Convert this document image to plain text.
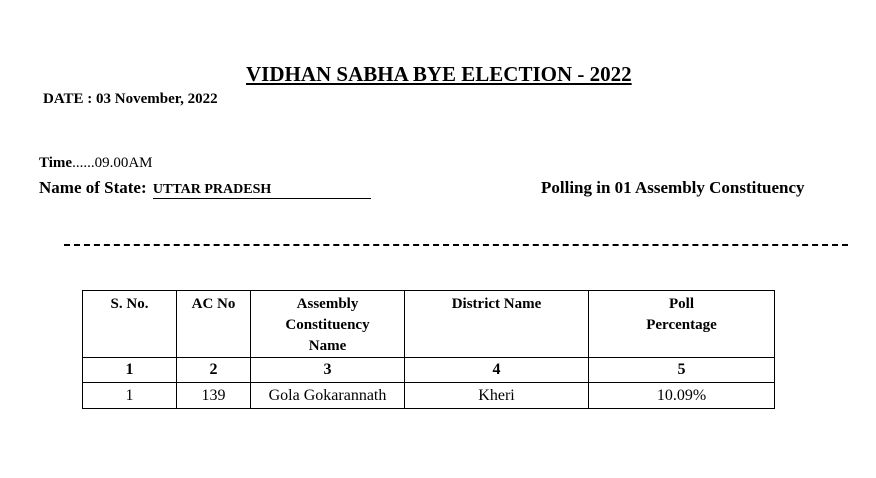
VIDHAN SABHA BYE ELECTION - 2022
DATE : 03 November, 2022
Time......09.00AM
Name of State: UTTAR PRADESH	Polling in 01 Assembly Constituency
S. No.	AC No	Assembly Constituency Name	District Name	Poll Percentage

1	2	3	4	5
1	139	Gola Gokarannath	Kheri	10.09%
